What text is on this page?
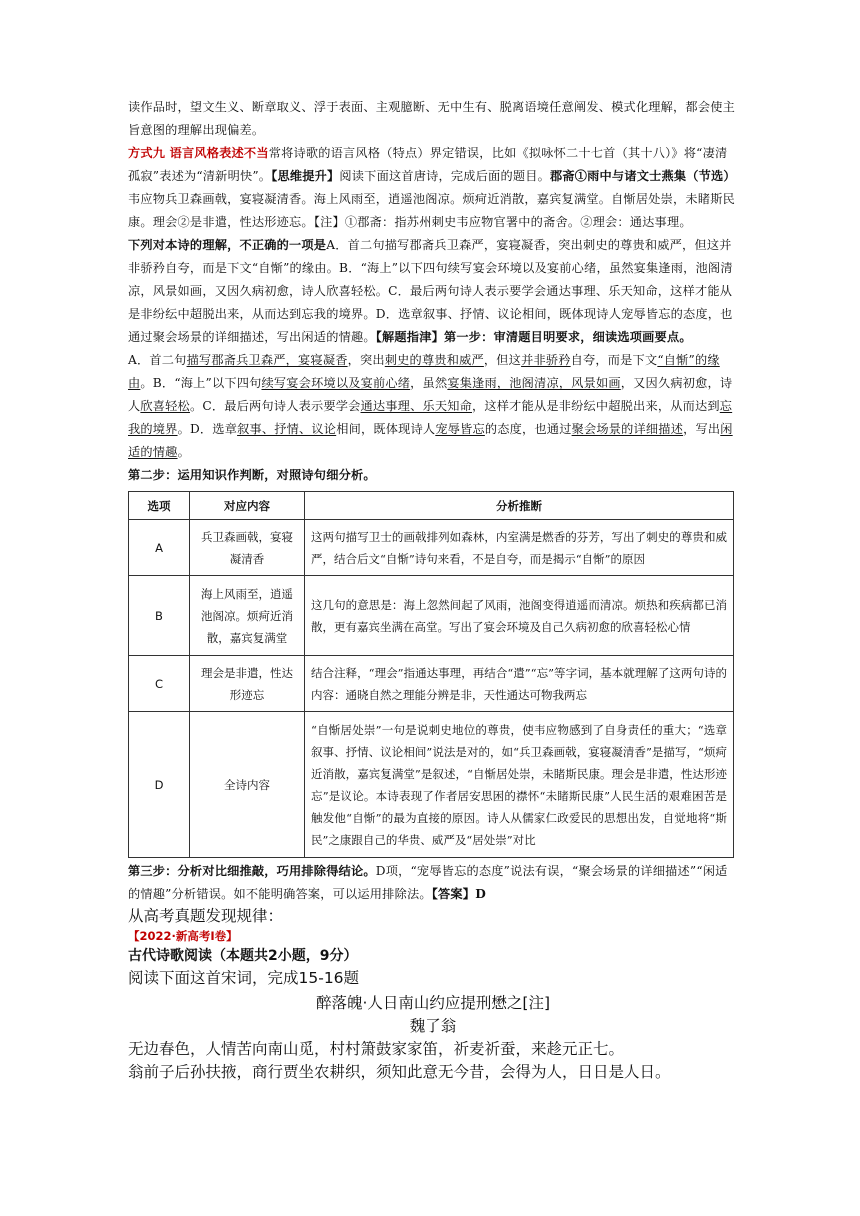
读作品时，望文生义、断章取义、浮于表面、主观臆断、无中生有、脱离语境任意阐发、模式化理解，都会使主旨意图的理解出现偏差。

方式九 语言风格表述不当常将诗歌的语言风格（特点）界定错误，比如《拟咏怀二十七首（其十八）》将“凄清孤寂”表述为“清新明快”。【思维提升】阅读下面这首唐诗，完成后面的题目。郡斋①雨中与诸文士燕集（节选）韦应物兵卫森画戟，宴寝凝清香。海上风雨至，逍遥池阁凉。烦疴近消散，嘉宾复满堂。自惭居处崇，未睹斯民康。理会②是非遣，性达形迹忘。【注】①郡斋：指苏州刺史韦应物官署中的斋舍。②理会：通达事理。

下列对本诗的理解，不正确的一项是A．首二句描写郡斋兵卫森严，宴寝凝香，突出刺史的尊贵和威严，但这并非骄矜自夸，而是下文“自惭”的缘由。B．“海上”以下四句续写宴会环境以及宴前心绪，虽然宴集逢雨，池阁清凉，风景如画，又因久病初愈，诗人欣喜轻松。C．最后两句诗人表示要学会通达事理、乐天知命，这样才能从是非纷纭中超脱出来，从而达到忘我的境界。D．选章叙事、抒情、议论相间，既体现诗人宠辱皆忘的态度，也通过聚会场景的详细描述，写出闲适的情趣。【解题指津】第一步：审清题目明要求，细读选项画要点。

A．首二句描写郡斋兵卫森严，宴寝凝香，突出刺史的尊贵和威严，但这并非骄矜自夸，而是下文“自惭”的缘由。B．“海上”以下四句续写宴会环境以及宴前心绪，虽然宴集逢雨，池阁清凉，风景如画，又因久病初愈，诗人欣喜轻松。C．最后两句诗人表示要学会通达事理、乐天知命，这样才能从是非纷纭中超脱出来，从而达到忘我的境界。D．选章叙事、抒情、议论相间，既体现诗人宠辱皆忘的态度，也通过聚会场景的详细描述，写出闲适的情趣。

第二步：运用知识作判断，对照诗句细分析。

选项	对应内容	分析推断
A	兵卫森画戟，宴寝凝清香	这两句描写卫士的画戟排列如森林，内室满是燃香的芬芳，写出了刺史的尊贵和威严，结合后文“自惭”诗句来看，不是自夸，而是揭示“自惭”的原因
B	海上风雨至，逍遥池阁凉。烦疴近消散，嘉宾复满堂	这几句的意思是：海上忽然间起了风雨，池阁变得逍遥而清凉。烦热和疾病都已消散，更有嘉宾坐满在高堂。写出了宴会环境及自己久病初愈的欣喜轻松心情
C	理会是非遣，性达形迹忘	结合注释，“理会”指通达事理，再结合“遣”“忘”等字词，基本就理解了这两句诗的内容：通晓自然之理能分辨是非，天性通达可物我两忘
D	全诗内容	“自惭居处崇”一句是说刺史地位的尊贵，使韦应物感到了自身责任的重大；“选章叙事、抒情、议论相间”说法是对的，如“兵卫森画戟，宴寝凝清香”是描写，“烦疴近消散，嘉宾复满堂”是叙述，“自惭居处崇，未睹斯民康。理会是非遣，性达形迹忘”是议论。本诗表现了作者居安思困的襟怀“未睹斯民康”人民生活的艰难困苦是触发他“自惭”的最为直接的原因。诗人从儒家仁政爱民的思想出发，自觉地将“斯民”之康跟自己的华贵、威严及“居处崇”对比

第三步：分析对比细推敲，巧用排除得结论。D项，“宠辱皆忘的态度”说法有误，“聚会场景的详细描述”“闲适的情趣”分析错误。如不能明确答案，可以运用排除法。【答案】D

从高考真题发现规律：

【2022·新高考Ⅰ卷】

古代诗歌阅读（本题共2小题，9分）

阅读下面这首宋词，完成15-16题

醉落魄·人日南山约应提刑懋之[注]

魏了翁

无边春色，人情苦向南山觅，村村箫鼓家家笛，祈麦祈蚕，来趁元正七。

翁前子后孙扶掖，商行贾坐农耕织，须知此意无今昔，会得为人，日日是人日。
